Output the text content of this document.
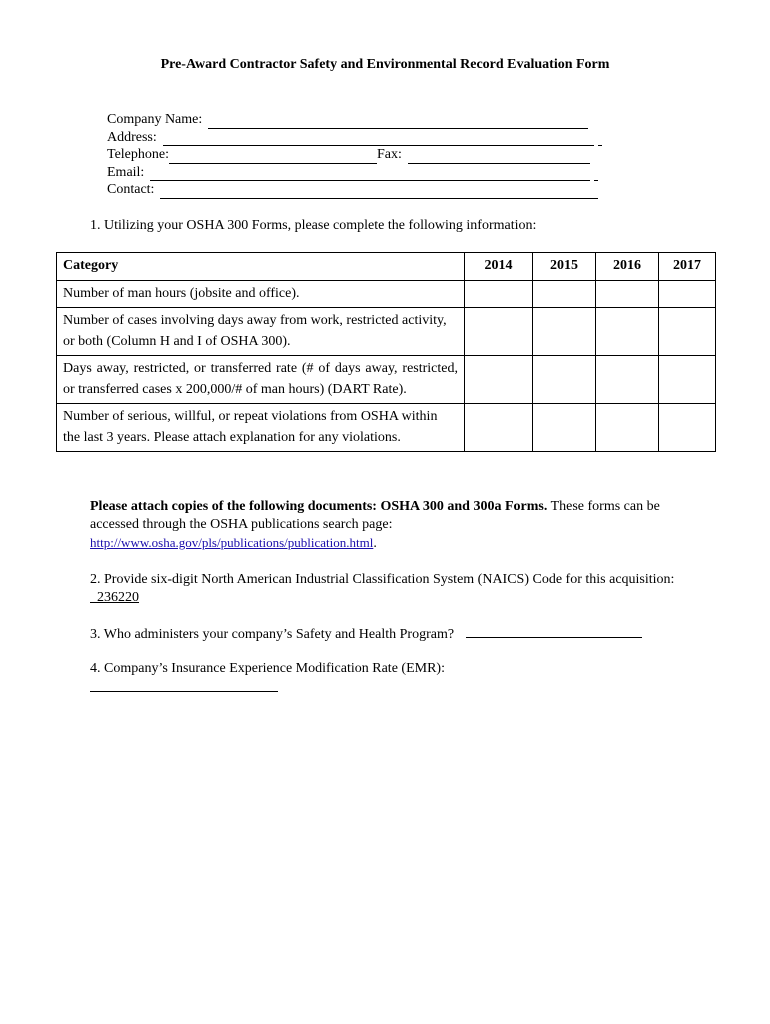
Pre-Award Contractor Safety and Environmental Record Evaluation Form
Company Name:
Address:
Telephone:	Fax:
Email:
Contact:
1. Utilizing your OSHA 300 Forms, please complete the following information:
Category	2014	2015	2016	2017
Number of man hours (jobsite and office).				
Number of cases involving days away from work, restricted activity, or both (Column H and I of OSHA 300).				
Days away, restricted, or transferred rate (# of days away, restricted, or transferred cases x 200,000/# of man hours) (DART Rate).				
Number of serious, willful, or repeat violations from OSHA within the last 3 years. Please attach explanation for any violations.				
Please attach copies of the following documents: OSHA 300 and 300a Forms. These forms can be accessed through the OSHA publications search page:
http://www.osha.gov/pls/publications/publication.html.
2. Provide six-digit North American Industrial Classification System (NAICS) Code for this acquisition:   236220
3. Who administers your company’s Safety and Health Program?
4. Company’s Insurance Experience Modification Rate (EMR):
